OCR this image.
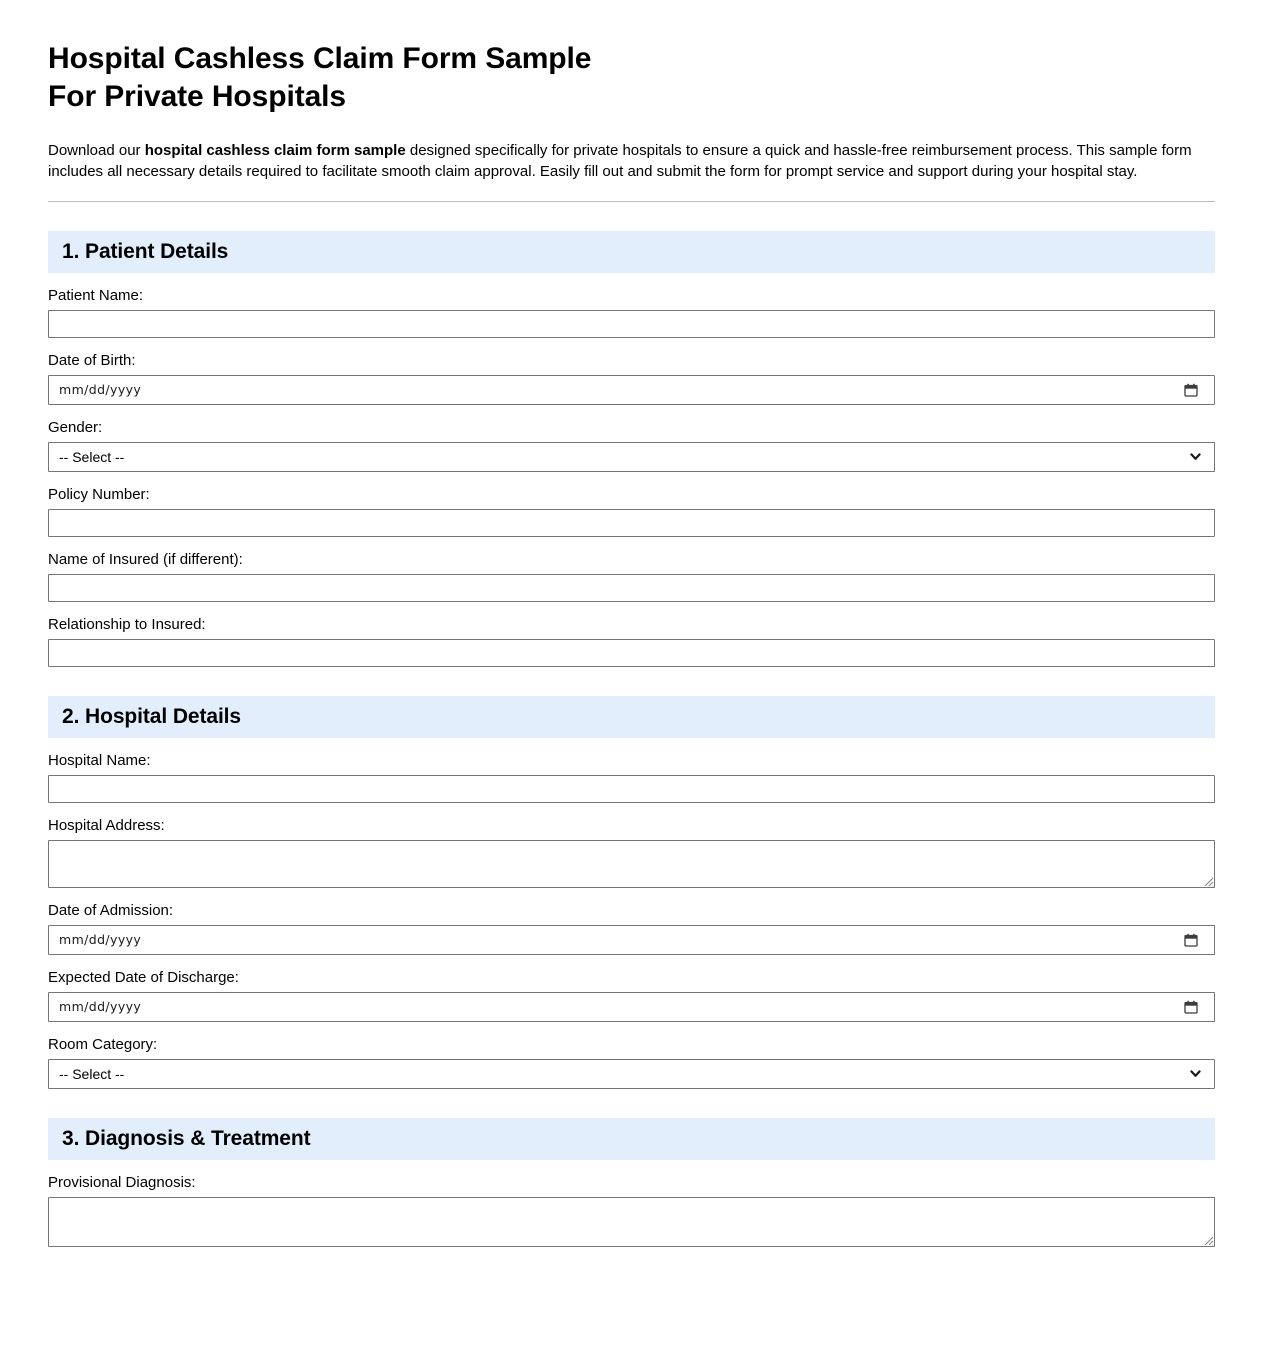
Hospital Cashless Claim Form Sample
For Private Hospitals

Download our hospital cashless claim form sample designed specifically for private hospitals to ensure a quick and hassle-free reimbursement process. This sample form includes all necessary details required to facilitate smooth claim approval. Easily fill out and submit the form for prompt service and support during your hospital stay.

1. Patient Details
Patient Name:
Date of Birth:
mm/dd/yyyy
Gender:
-- Select --
Policy Number:
Name of Insured (if different):
Relationship to Insured:
2. Hospital Details
Hospital Name:
Hospital Address:
Date of Admission:
mm/dd/yyyy
Expected Date of Discharge:
mm/dd/yyyy
Room Category:
-- Select --
3. Diagnosis & Treatment
Provisional Diagnosis:
